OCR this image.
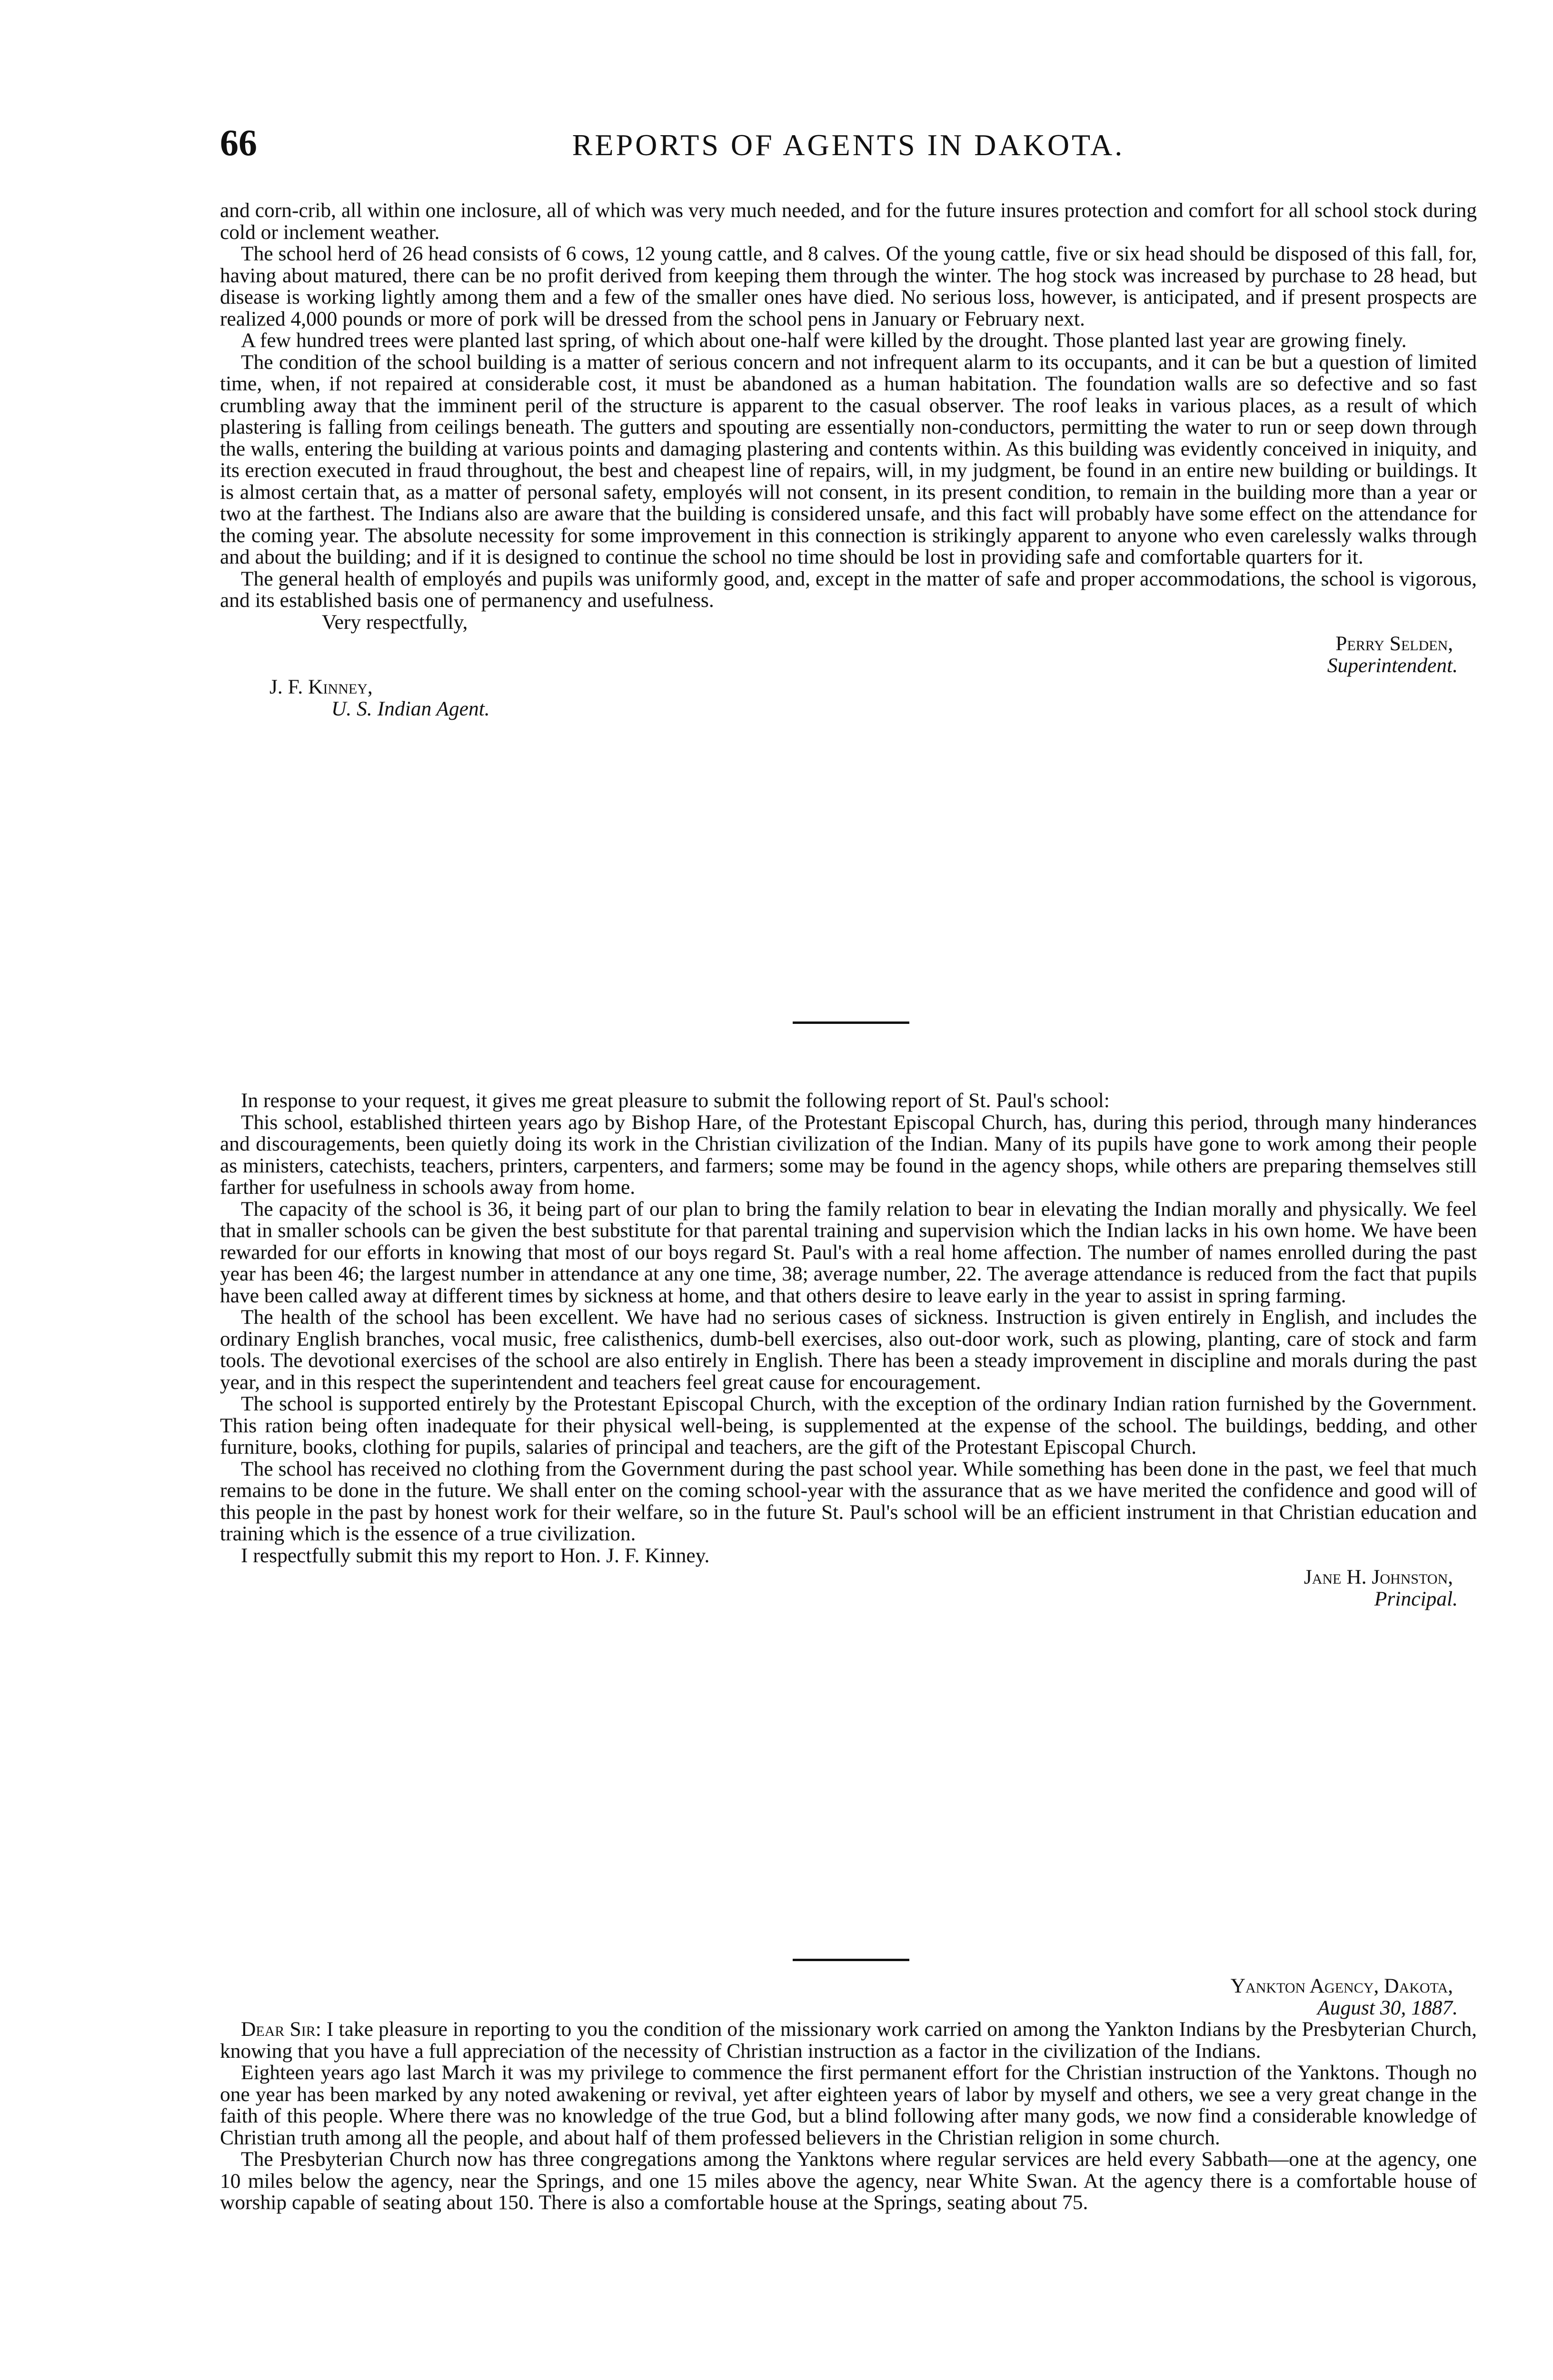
66	REPORTS OF AGENTS IN DAKOTA.

and corn-crib, all within one inclosure, all of which was very much needed, and for the future insures protection and comfort for all school stock during cold or inclement weather.

The school herd of 26 head consists of 6 cows, 12 young cattle, and 8 calves. Of the young cattle, five or six head should be disposed of this fall, for, having about matured, there can be no profit derived from keeping them through the winter. The hog stock was increased by purchase to 28 head, but disease is working lightly among them and a few of the smaller ones have died. No serious loss, however, is anticipated, and if present prospects are realized 4,000 pounds or more of pork will be dressed from the school pens in January or February next.

A few hundred trees were planted last spring, of which about one-half were killed by the drought. Those planted last year are growing finely.

The condition of the school building is a matter of serious concern and not infrequent alarm to its occupants, and it can be but a question of limited time, when, if not repaired at considerable cost, it must be abandoned as a human habitation. The foundation walls are so defective and so fast crumbling away that the imminent peril of the structure is apparent to the casual observer. The roof leaks in various places, as a result of which plastering is falling from ceilings beneath. The gutters and spouting are essentially non-conductors, permitting the water to run or seep down through the walls, entering the building at various points and damaging plastering and contents within. As this building was evidently conceived in iniquity, and its erection executed in fraud throughout, the best and cheapest line of repairs, will, in my judgment, be found in an entire new building or buildings. It is almost certain that, as a matter of personal safety, employés will not consent, in its present condition, to remain in the building more than a year or two at the farthest. The Indians also are aware that the building is considered unsafe, and this fact will probably have some effect on the attendance for the coming year. The absolute necessity for some improvement in this connection is strikingly apparent to anyone who even carelessly walks through and about the building; and if it is designed to continue the school no time should be lost in providing safe and comfortable quarters for it.

The general health of employés and pupils was uniformly good, and, except in the matter of safe and proper accommodations, the school is vigorous, and its established basis one of permanency and usefulness.

Very respectfully,

Perry Selden,

Superintendent.

J. F. Kinney,

U. S. Indian Agent.

In response to your request, it gives me great pleasure to submit the following report of St. Paul's school:

This school, established thirteen years ago by Bishop Hare, of the Protestant Episcopal Church, has, during this period, through many hinderances and discouragements, been quietly doing its work in the Christian civilization of the Indian. Many of its pupils have gone to work among their people as ministers, catechists, teachers, printers, carpenters, and farmers; some may be found in the agency shops, while others are preparing themselves still farther for usefulness in schools away from home.

The capacity of the school is 36, it being part of our plan to bring the family relation to bear in elevating the Indian morally and physically. We feel that in smaller schools can be given the best substitute for that parental training and supervision which the Indian lacks in his own home. We have been rewarded for our efforts in knowing that most of our boys regard St. Paul's with a real home affection. The number of names enrolled during the past year has been 46; the largest number in attendance at any one time, 38; average number, 22. The average attendance is reduced from the fact that pupils have been called away at different times by sickness at home, and that others desire to leave early in the year to assist in spring farming.

The health of the school has been excellent. We have had no serious cases of sickness. Instruction is given entirely in English, and includes the ordinary English branches, vocal music, free calisthenics, dumb-bell exercises, also out-door work, such as plowing, planting, care of stock and farm tools. The devotional exercises of the school are also entirely in English. There has been a steady improvement in discipline and morals during the past year, and in this respect the superintendent and teachers feel great cause for encouragement.

The school is supported entirely by the Protestant Episcopal Church, with the exception of the ordinary Indian ration furnished by the Government. This ration being often inadequate for their physical well-being, is supplemented at the expense of the school. The buildings, bedding, and other furniture, books, clothing for pupils, salaries of principal and teachers, are the gift of the Protestant Episcopal Church.

The school has received no clothing from the Government during the past school year. While something has been done in the past, we feel that much remains to be done in the future. We shall enter on the coming school-year with the assurance that as we have merited the confidence and good will of this people in the past by honest work for their welfare, so in the future St. Paul's school will be an efficient instrument in that Christian education and training which is the essence of a true civilization.

I respectfully submit this my report to Hon. J. F. Kinney.

Jane H. Johnston,

Principal.

Yankton Agency, Dakota,

August 30, 1887.

Dear Sir: I take pleasure in reporting to you the condition of the missionary work carried on among the Yankton Indians by the Presbyterian Church, knowing that you have a full appreciation of the necessity of Christian instruction as a factor in the civilization of the Indians.

Eighteen years ago last March it was my privilege to commence the first permanent effort for the Christian instruction of the Yanktons. Though no one year has been marked by any noted awakening or revival, yet after eighteen years of labor by myself and others, we see a very great change in the faith of this people. Where there was no knowledge of the true God, but a blind following after many gods, we now find a considerable knowledge of Christian truth among all the people, and about half of them professed believers in the Christian religion in some church.

The Presbyterian Church now has three congregations among the Yanktons where regular services are held every Sabbath—one at the agency, one 10 miles below the agency, near the Springs, and one 15 miles above the agency, near White Swan. At the agency there is a comfortable house of worship capable of seating about 150. There is also a comfortable house at the Springs, seating about 75.
